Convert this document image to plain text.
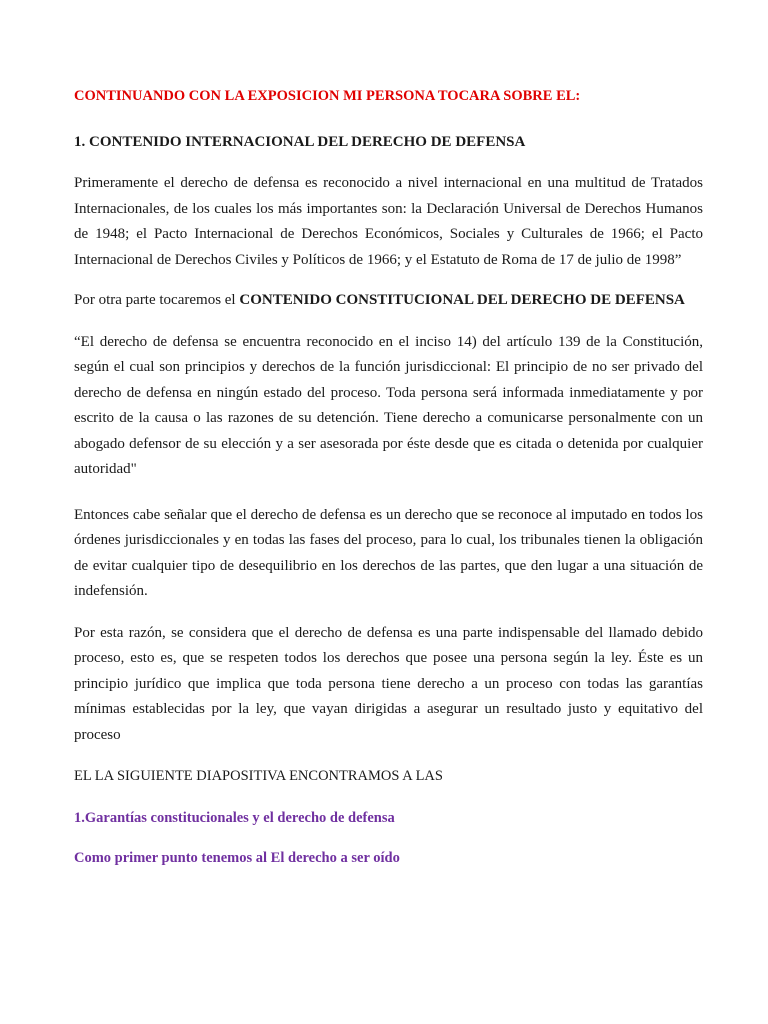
CONTINUANDO CON LA EXPOSICION MI PERSONA TOCARA SOBRE EL:

1. CONTENIDO INTERNACIONAL DEL DERECHO DE DEFENSA

Primeramente el derecho de defensa es reconocido a nivel internacional en una multitud de Tratados Internacionales, de los cuales los más importantes son: la Declaración Universal de Derechos Humanos de 1948; el Pacto Internacional de Derechos Económicos, Sociales y Culturales de 1966; el Pacto Internacional de Derechos Civiles y Políticos de 1966; y el Estatuto de Roma de 17 de julio de 1998”

Por otra parte tocaremos el CONTENIDO CONSTITUCIONAL DEL DERECHO DE DEFENSA

“El derecho de defensa se encuentra reconocido en el inciso 14) del artículo 139 de la Constitución, según el cual son principios y derechos de la función jurisdiccional: El principio de no ser privado del derecho de defensa en ningún estado del proceso. Toda persona será informada inmediatamente y por escrito de la causa o las razones de su detención. Tiene derecho a comunicarse personalmente con un abogado defensor de su elección y a ser asesorada por éste desde que es citada o detenida por cualquier autoridad"

Entonces cabe señalar que el derecho de defensa es un derecho que se reconoce al imputado en todos los órdenes jurisdiccionales y en todas las fases del proceso, para lo cual, los tribunales tienen la obligación de evitar cualquier tipo de desequilibrio en los derechos de las partes, que den lugar a una situación de indefensión.

Por esta razón, se considera que el derecho de defensa es una parte indispensable del llamado debido proceso, esto es, que se respeten todos los derechos que posee una persona según la ley. Éste es un principio jurídico que implica que toda persona tiene derecho a un proceso con todas las garantías mínimas establecidas por la ley, que vayan dirigidas a asegurar un resultado justo y equitativo del proceso

EL LA SIGUIENTE DIAPOSITIVA ENCONTRAMOS A LAS

1.Garantías constitucionales y el derecho de defensa

Como primer punto tenemos al El derecho a ser oído
